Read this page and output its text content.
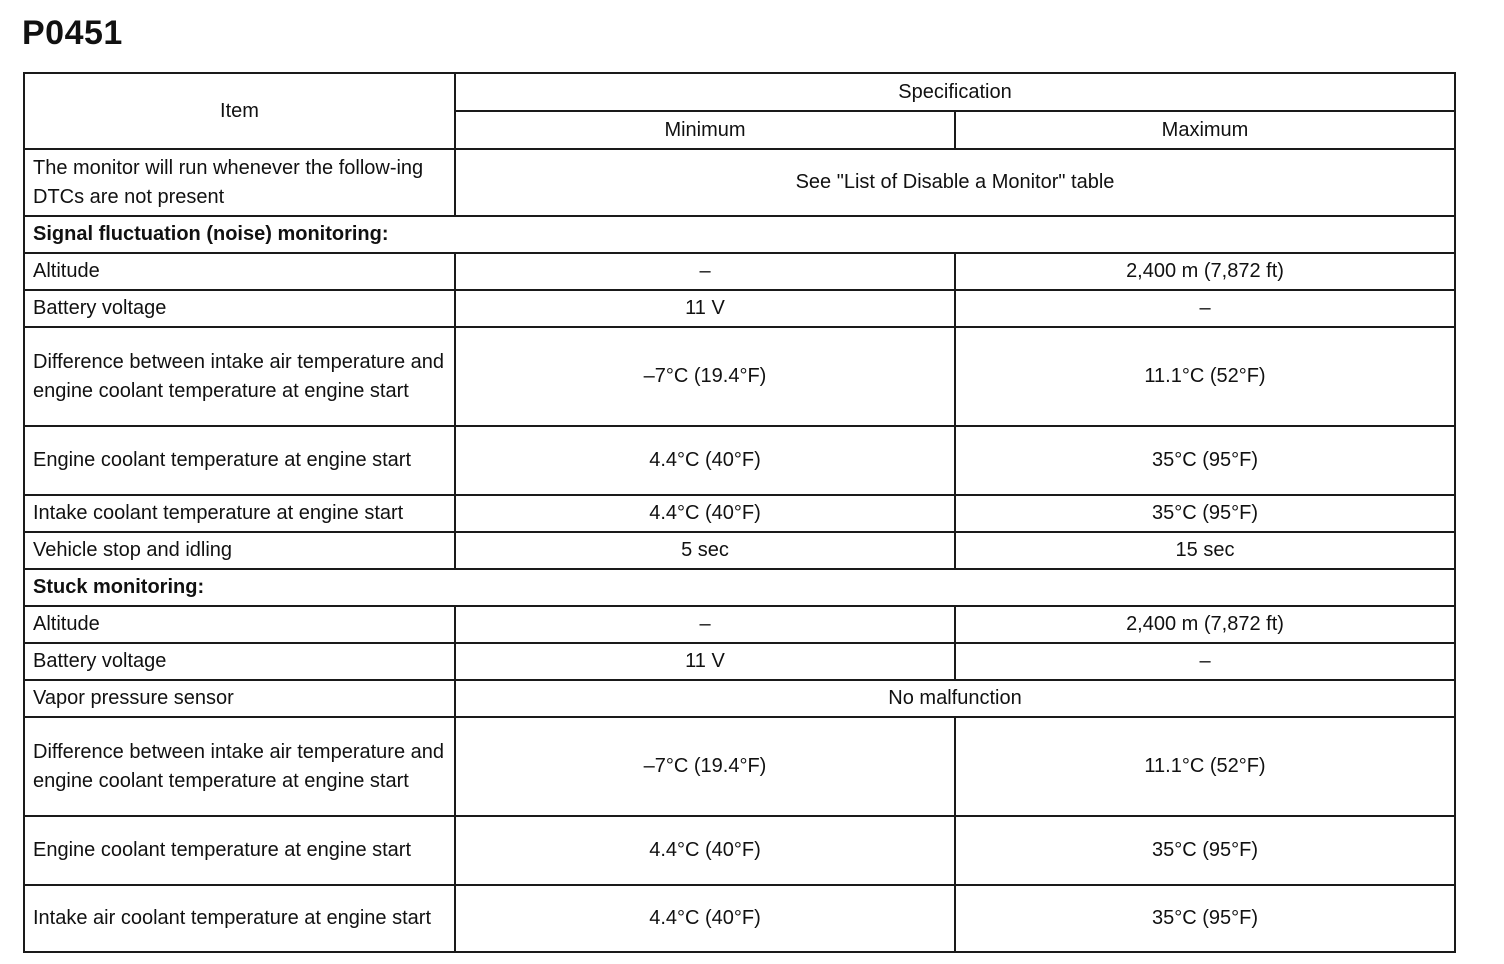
P0451
Item	Specification	
	Minimum	Maximum
The monitor will run whenever the follow-ing DTCs are not present	See "List of Disable a Monitor" table	
Signal fluctuation (noise) monitoring:		
Altitude	–	2,400 m (7,872 ft)
Battery voltage	11 V	–
Difference between intake air temperature and engine coolant temperature at engine start	–7°C (19.4°F)	11.1°C (52°F)
Engine coolant temperature at engine start	4.4°C (40°F)	35°C (95°F)
Intake coolant temperature at engine start	4.4°C (40°F)	35°C (95°F)
Vehicle stop and idling	5 sec	15 sec
Stuck monitoring:		
Altitude	–	2,400 m (7,872 ft)
Battery voltage	11 V	–
Vapor pressure sensor	No malfunction	
Difference between intake air temperature and engine coolant temperature at engine start	–7°C (19.4°F)	11.1°C (52°F)
Engine coolant temperature at engine start	4.4°C (40°F)	35°C (95°F)
Intake air coolant temperature at engine start	4.4°C (40°F)	35°C (95°F)
